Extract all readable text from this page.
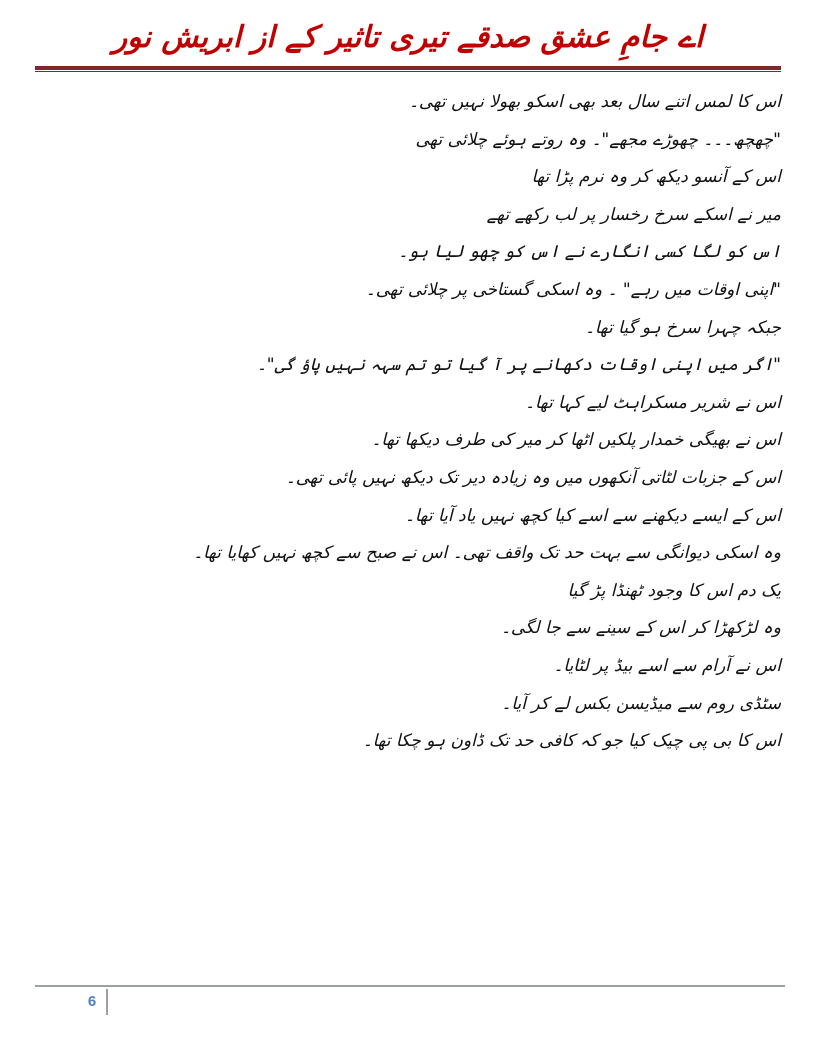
اے جامِ عشق صدقے تیری تاثیر کے از ابریش نور
اس کا لمس اتنے سال بعد بھی اسکو بھولا نہیں تھی۔
"چھچھ۔۔۔ چھوڑے مجھے"۔ وہ روتے ہوئے چلائی تھی
اس کے آنسو دیکھ کر وہ نرم پڑا تھا
میر نے اسکے سرخ رخسار پر لب رکھے تھے
اس کو لگا کسی انگارے نے اس کو چھو لیا ہو۔
"اپنی اوقات میں رہے" ۔ وہ اسکی گستاخی پر چلائی تھی۔
جبکہ چہرا سرخ ہو گیا تھا۔
"اگر میں اپنی اوقات دکھانے پر آ گیا تو تم سہہ نہیں پاؤ گی"۔
اس نے شریر مسکراہٹ لیے کہا تھا۔
اس نے بھیگی خمدار پلکیں اٹھا کر میر کی طرف دیکھا تھا۔
اس کے جزبات لٹاتی آنکھوں میں وہ زیادہ دیر تک دیکھ نہیں پائی تھی۔
اس کے ایسے دیکھنے سے اسے کیا کچھ نہیں یاد آیا تھا۔
وہ اسکی دیوانگی سے بہت حد تک واقف تھی۔ اس نے صبح سے کچھ نہیں کھایا تھا۔
یک دم اس کا وجود ٹھنڈا پڑ گیا
وہ لڑکھڑا کر اس کے سینے سے جا لگی۔
اس نے آرام سے اسے بیڈ پر لٹایا۔
سٹڈی روم سے میڈیسن بکس لے کر آیا۔
اس کا بی پی چیک کیا جو کہ کافی حد تک ڈاون ہو چکا تھا۔
6
